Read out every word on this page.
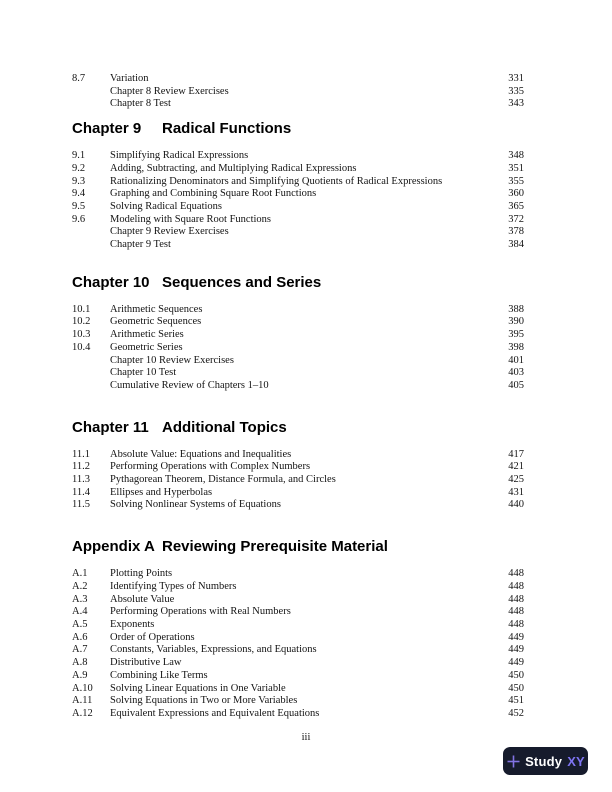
8.7	Variation	331
Chapter 8 Review Exercises	335
Chapter 8 Test	343
Chapter 9	Radical Functions
9.1	Simplifying Radical Expressions	348
9.2	Adding, Subtracting, and Multiplying Radical Expressions	351
9.3	Rationalizing Denominators and Simplifying Quotients of Radical Expressions	355
9.4	Graphing and Combining Square Root Functions	360
9.5	Solving Radical Equations	365
9.6	Modeling with Square Root Functions	372
Chapter 9 Review Exercises	378
Chapter 9 Test	384
Chapter 10 Sequences and Series
10.1	Arithmetic Sequences	388
10.2	Geometric Sequences	390
10.3	Arithmetic Series	395
10.4	Geometric Series	398
Chapter 10 Review Exercises	401
Chapter 10 Test	403
Cumulative Review of Chapters 1–10	405
Chapter 11 Additional Topics
11.1	Absolute Value: Equations and Inequalities	417
11.2	Performing Operations with Complex Numbers	421
11.3	Pythagorean Theorem, Distance Formula, and Circles	425
11.4	Ellipses and Hyperbolas	431
11.5	Solving Nonlinear Systems of Equations	440
Appendix A Reviewing Prerequisite Material
A.1	Plotting Points	448
A.2	Identifying Types of Numbers	448
A.3	Absolute Value	448
A.4	Performing Operations with Real Numbers	448
A.5	Exponents	448
A.6	Order of Operations	449
A.7	Constants, Variables, Expressions, and Equations	449
A.8	Distributive Law	449
A.9	Combining Like Terms	450
A.10	Solving Linear Equations in One Variable	450
A.11	Solving Equations in Two or More Variables	451
A.12	Equivalent Expressions and Equivalent Equations	452
iii
Study XY
